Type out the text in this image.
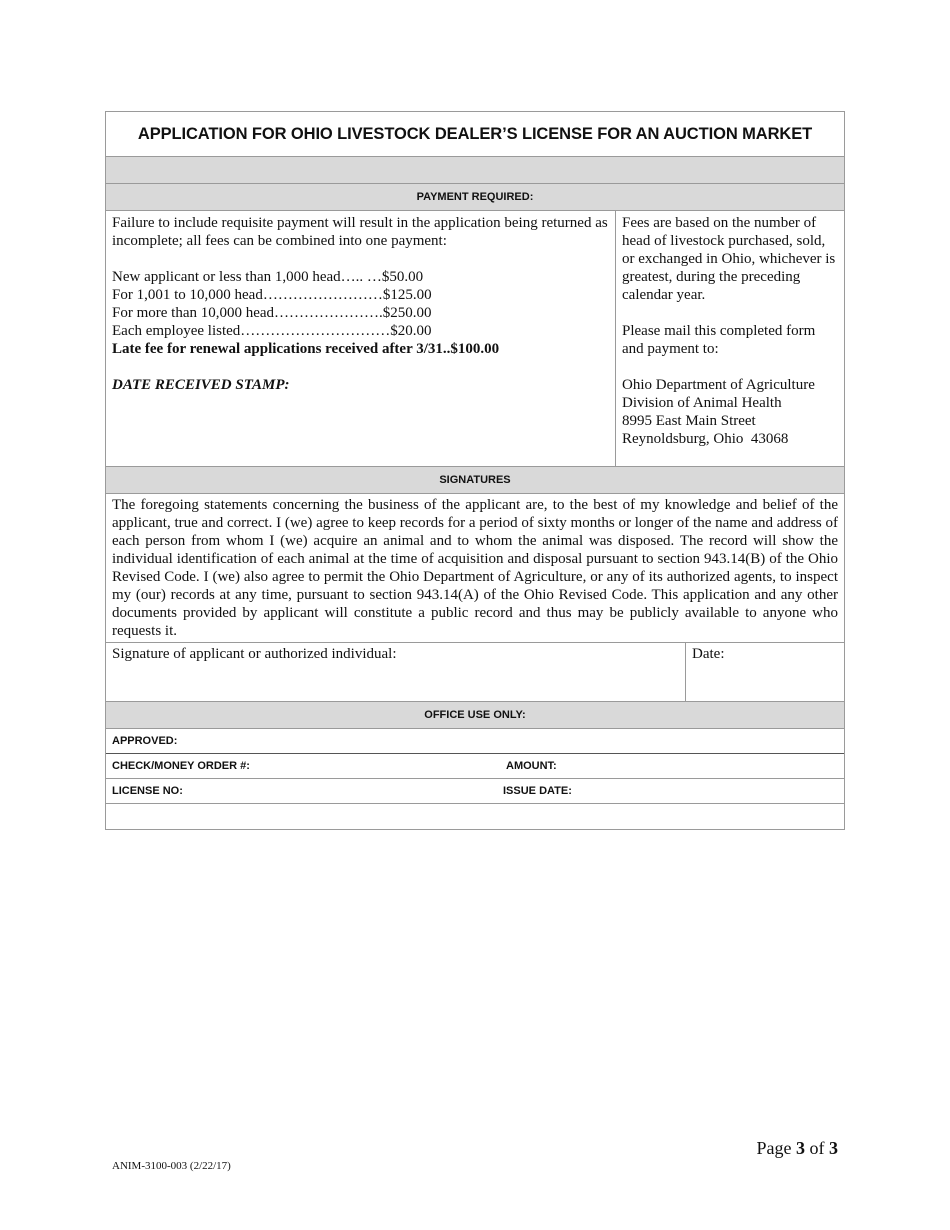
APPLICATION FOR OHIO LIVESTOCK DEALER’S LICENSE FOR AN AUCTION MARKET
PAYMENT REQUIRED:
Failure to include requisite payment will result in the application being returned as incomplete; all fees can be combined into one payment:
New applicant or less than 1,000 head….. …$50.00
For 1,001 to 10,000 head……………………$125.00
For more than 10,000 head………………….$250.00
Each employee listed…………………………$20.00
Late fee for renewal applications received after 3/31..$100.00
DATE RECEIVED STAMP:
Fees are based on the number of head of livestock purchased, sold, or exchanged in Ohio, whichever is greatest, during the preceding calendar year.
Please mail this completed form and payment to:
Ohio Department of Agriculture
Division of Animal Health
8995 East Main Street
Reynoldsburg, Ohio  43068
SIGNATURES
The foregoing statements concerning the business of the applicant are, to the best of my knowledge and belief of the applicant, true and correct. I (we) agree to keep records for a period of sixty months or longer of the name and address of each person from whom I (we) acquire an animal and to whom the animal was disposed. The record will show the individual identification of each animal at the time of acquisition and disposal pursuant to section 943.14(B) of the Ohio Revised Code. I (we) also agree to permit the Ohio Department of Agriculture, or any of its authorized agents, to inspect my (our) records at any time, pursuant to section 943.14(A) of the Ohio Revised Code. This application and any other documents provided by applicant will constitute a public record and thus may be publicly available to anyone who requests it.
Signature of applicant or authorized individual:	Date:
OFFICE USE ONLY:
APPROVED:
CHECK/MONEY ORDER #:	AMOUNT:
LICENSE NO:	ISSUE DATE:
ANIM-3100-003 (2/22/17)
Page 3 of 3
